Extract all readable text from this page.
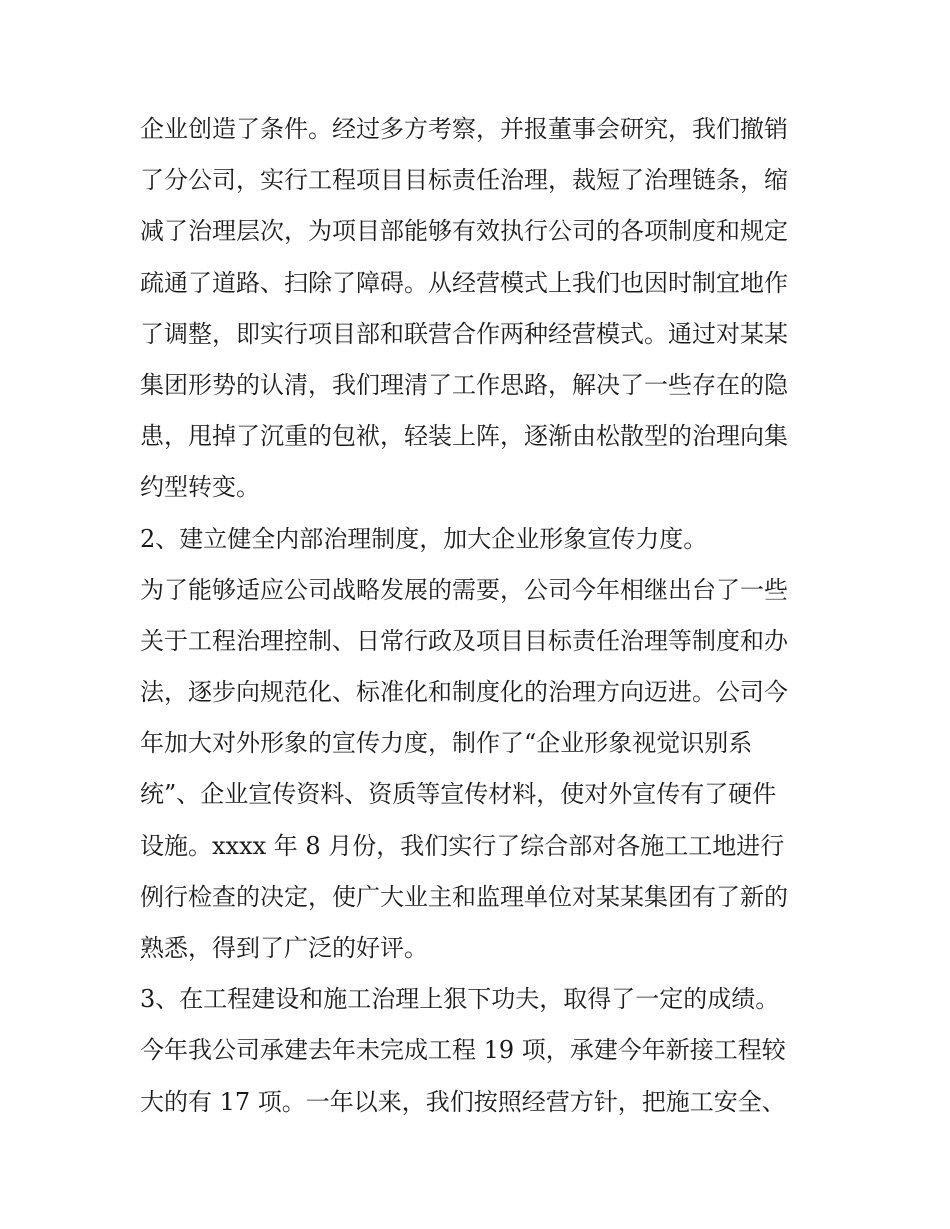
企业创造了条件。经过多方考察，并报董事会研究，我们撤销
了分公司，实行工程项目目标责任治理，裁短了治理链条，缩
减了治理层次，为项目部能够有效执行公司的各项制度和规定
疏通了道路、扫除了障碍。从经营模式上我们也因时制宜地作
了调整，即实行项目部和联营合作两种经营模式。通过对某某
集团形势的认清，我们理清了工作思路，解决了一些存在的隐
患，甩掉了沉重的包袱，轻装上阵，逐渐由松散型的治理向集
约型转变。
2、建立健全内部治理制度，加大企业形象宣传力度。
为了能够适应公司战略发展的需要，公司今年相继出台了一些
关于工程治理控制、日常行政及项目目标责任治理等制度和办
法，逐步向规范化、标准化和制度化的治理方向迈进。公司今
年加大对外形象的宣传力度，制作了“企业形象视觉识别系
统”、企业宣传资料、资质等宣传材料，使对外宣传有了硬件
设施。xxxx 年 8 月份，我们实行了综合部对各施工工地进行
例行检查的决定，使广大业主和监理单位对某某集团有了新的
熟悉，得到了广泛的好评。
3、在工程建设和施工治理上狠下功夫，取得了一定的成绩。
今年我公司承建去年未完成工程 19 项，承建今年新接工程较
大的有 17 项。一年以来，我们按照经营方针，把施工安全、
